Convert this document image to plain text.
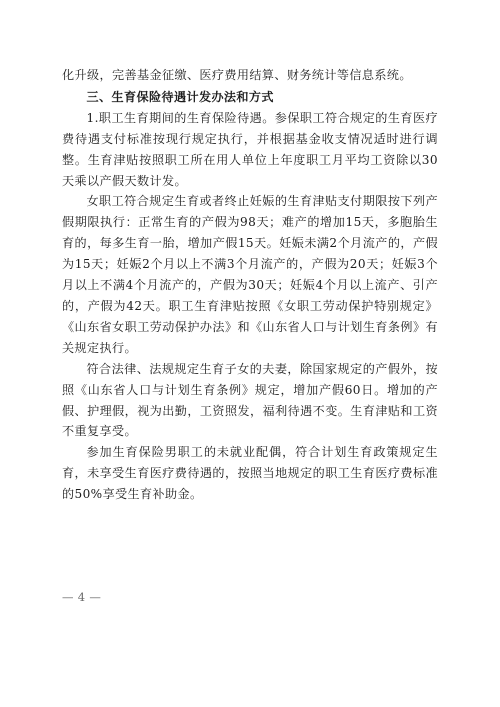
化升级，完善基金征缴、医疗费用结算、财务统计等信息系统。

三、生育保险待遇计发办法和方式

1.职工生育期间的生育保险待遇。参保职工符合规定的生育医疗费待遇支付标准按现行规定执行，并根据基金收支情况适时进行调整。生育津贴按照职工所在用人单位上年度职工月平均工资除以30天乘以产假天数计发。

女职工符合规定生育或者终止妊娠的生育津贴支付期限按下列产假期限执行：正常生育的产假为98天；难产的增加15天，多胞胎生育的，每多生育一胎，增加产假15天。妊娠未满2个月流产的，产假为15天；妊娠2个月以上不满3个月流产的，产假为20天；妊娠3个月以上不满4个月流产的，产假为30天；妊娠4个月以上流产、引产的，产假为42天。职工生育津贴按照《女职工劳动保护特别规定》《山东省女职工劳动保护办法》和《山东省人口与计划生育条例》有关规定执行。

符合法律、法规规定生育子女的夫妻，除国家规定的产假外，按照《山东省人口与计划生育条例》规定，增加产假60日。增加的产假、护理假，视为出勤，工资照发，福利待遇不变。生育津贴和工资不重复享受。

参加生育保险男职工的未就业配偶，符合计划生育政策规定生育，未享受生育医疗费待遇的，按照当地规定的职工生育医疗费标准的50%享受生育补助金。

— 4 —
